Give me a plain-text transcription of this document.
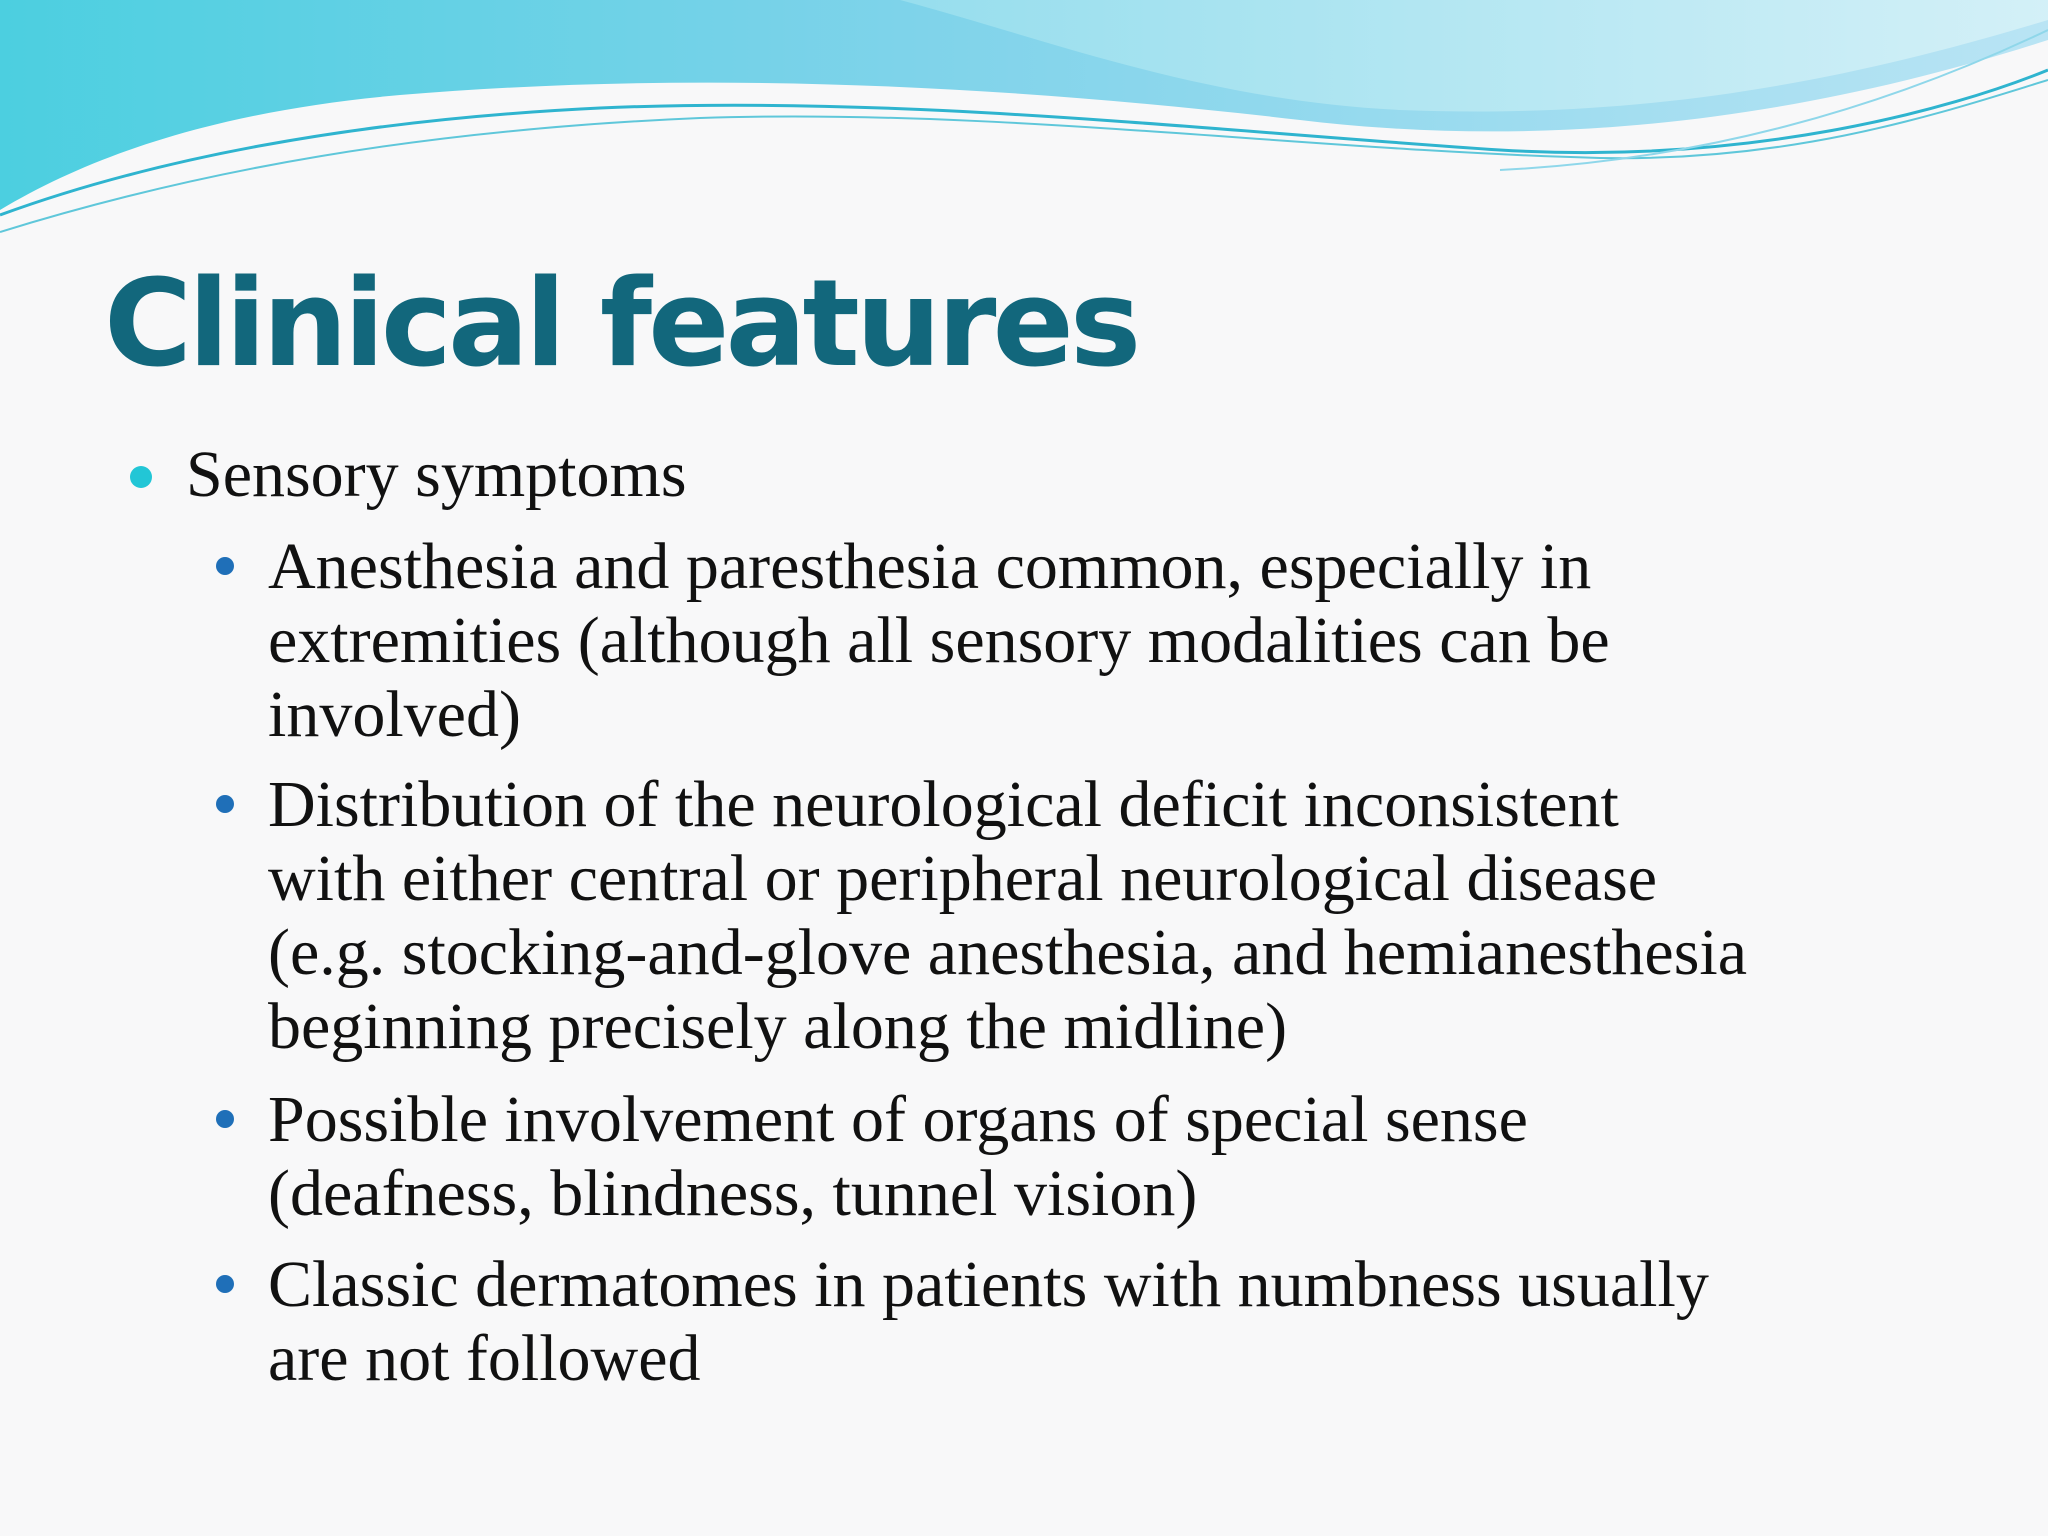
Clinical features
Sensory symptoms
Anesthesia and paresthesia common, especially in
extremities (although all sensory modalities can be
involved)
Distribution of the neurological deficit inconsistent
with either central or peripheral neurological disease
(e.g. stocking-and-glove anesthesia, and hemianesthesia
beginning precisely along the midline)
Possible involvement of organs of special sense
(deafness, blindness, tunnel vision)
Classic dermatomes in patients with numbness usually
are not followed
